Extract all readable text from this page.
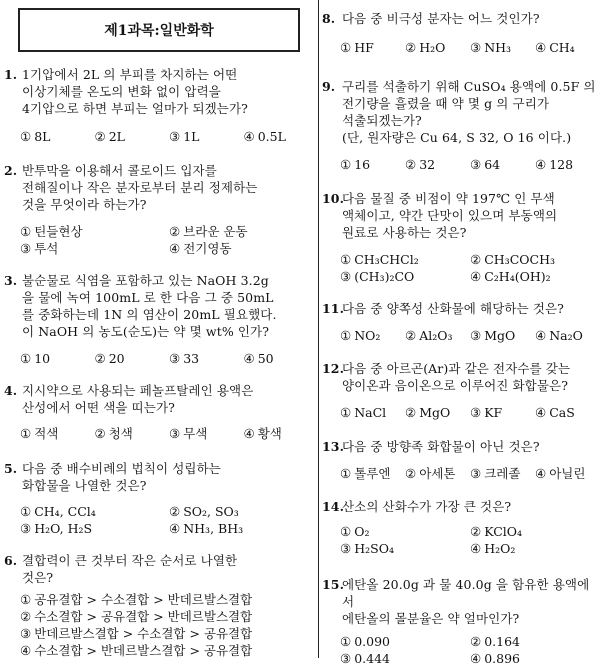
제1과목:일반화학
1. 1기압에서 2L 의 부피를 차지하는 어떤
이상기체를 온도의 변화 없이 압력을
4기압으로 하면 부피는 얼마가 되겠는가?
① 8L	② 2L	③ 1L	④ 0.5L
2. 반투막을 이용해서 콜로이드 입자를
전해질이나 작은 분자로부터 분리 정제하는
것을 무엇이라 하는가?
① 틴들현상	② 브라운 운동
③ 투석	④ 전기영동
3. 불순물로 식염을 포함하고 있는 NaOH 3.2g
을 물에 녹여 100mL 로 한 다음 그 중 50mL
를 중화하는데 1N 의 염산이 20mL 필요했다.
이 NaOH 의 농도(순도)는 약 몇 wt% 인가?
① 10	② 20	③ 33	④ 50
4. 지시약으로 사용되는 페놀프탈레인 용액은
산성에서 어떤 색을 띠는가?
① 적색	② 청색	③ 무색	④ 황색
5. 다음 중 배수비례의 법칙이 성립하는
화합물을 나열한 것은?
① CH₄, CCl₄	② SO₂, SO₃
③ H₂O, H₂S	④ NH₃, BH₃
6. 결합력이 큰 것부터 작은 순서로 나열한
것은?
① 공유결합 > 수소결합 > 반데르발스결합
② 수소결합 > 공유결합 > 반데르발스결합
③ 반데르발스결합 > 수소결합 > 공유결합
④ 수소결합 > 반데르발스결합 > 공유결합
8. 다음 중 비극성 분자는 어느 것인가?
① HF	② H₂O	③ NH₃	④ CH₄
9. 구리를 석출하기 위해 CuSO₄ 용액에 0.5F 의
전기량을 흘렸을 때 약 몇 g 의 구리가
석출되겠는가?
(단, 원자량은 Cu 64, S 32, O 16 이다.)
① 16	② 32	③ 64	④ 128
10.
다음 물질 중 비점이 약 197℃ 인 무색
액체이고, 약간 단맛이 있으며 부동액의
원료로 사용하는 것은?
① CH₃CHCl₂	② CH₃COCH₃
③ (CH₃)₂CO	④ C₂H₄(OH)₂
11.
다음 중 양쪽성 산화물에 해당하는 것은?
① NO₂	② Al₂O₃	③ MgO	④ Na₂O
12.
다음 중 아르곤(Ar)과 같은 전자수를 갖는
양이온과 음이온으로 이루어진 화합물은?
① NaCl	② MgO	③ KF	④ CaS
13.
다음 중 방향족 화합물이 아닌 것은?
① 톨루엔	② 아세톤	③ 크레졸	④ 아닐린
14.
산소의 산화수가 가장 큰 것은?
① O₂	② KClO₄
③ H₂SO₄	④ H₂O₂
15.
에탄올 20.0g 과 물 40.0g 을 함유한 용액에서
에탄올의 몰분율은 약 얼마인가?
① 0.090	② 0.164
③ 0.444	④ 0.896
